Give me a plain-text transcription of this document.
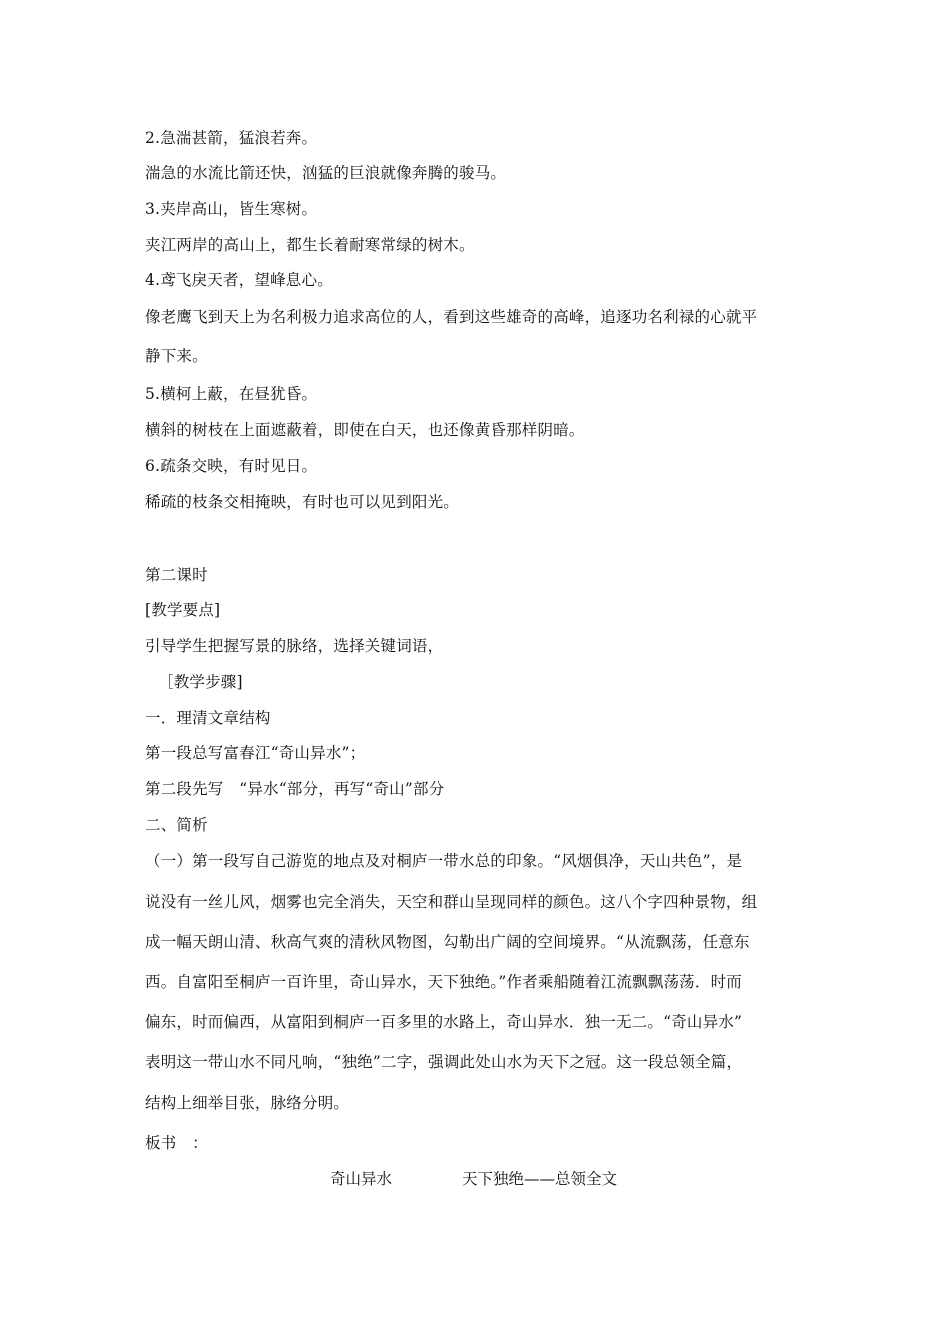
2.急湍甚箭，猛浪若奔。
湍急的水流比箭还快，汹猛的巨浪就像奔腾的骏马。
3.夹岸高山，皆生寒树。
夹江两岸的高山上，都生长着耐寒常绿的树木。
4.鸢飞戾天者，望峰息心。
像老鹰飞到天上为名利极力追求高位的人，看到这些雄奇的高峰，追逐功名利禄的心就平
静下来。
5.横柯上蔽，在昼犹昏。
横斜的树枝在上面遮蔽着，即使在白天，也还像黄昏那样阴暗。
6.疏条交映，有时见日。
稀疏的枝条交相掩映，有时也可以见到阳光。
第二课时
[教学要点]
引导学生把握写景的脉络，选择关键词语，
［教学步骤]
一．理清文章结构
第一段总写富春江“奇山异水”；
第二段先写　“异水“部分，再写“奇山”部分
二、简析
（一）第一段写自己游览的地点及对桐庐一带水总的印象。“风烟俱净，天山共色”，是
说没有一丝儿风，烟雾也完全消失，天空和群山呈现同样的颜色。这八个字四种景物，组
成一幅天朗山清、秋高气爽的清秋风物图，勾勒出广阔的空间境界。“从流飘荡，任意东
西。自富阳至桐庐一百许里，奇山异水，天下独绝。”作者乘船随着江流飘飘荡荡．时而
偏东，时而偏西，从富阳到桐庐一百多里的水路上，奇山异水．独一无二。“奇山异水”
表明这一带山水不同凡响，“独绝”二字，强调此处山水为天下之冠。这一段总领全篇，
结构上细举目张，脉络分明。
板书　：
奇山异水	天下独绝——总领全文
